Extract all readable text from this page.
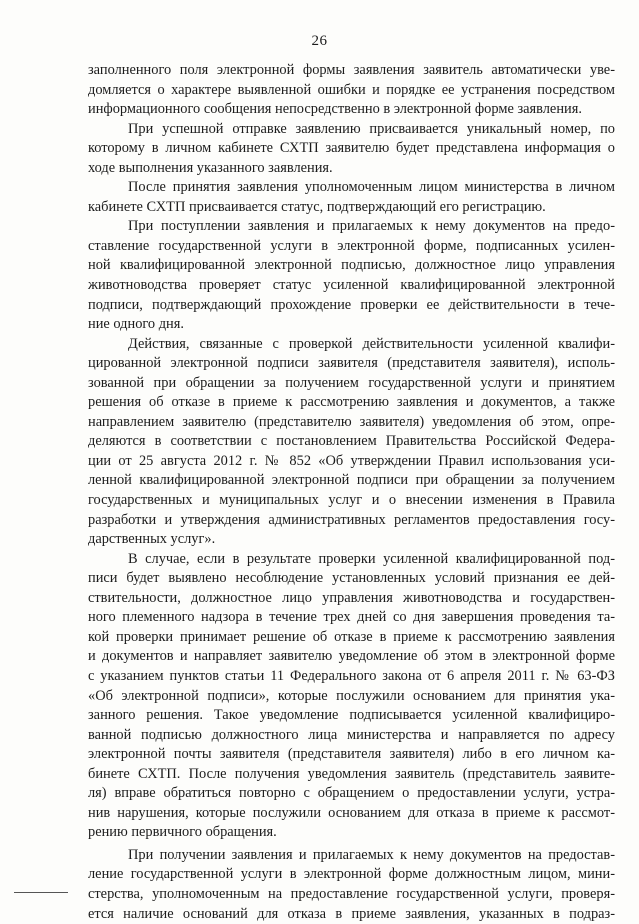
26
заполненного поля электронной формы заявления заявитель автоматически уве-
домляется о характере выявленной ошибки и порядке ее устранения посредством
информационного сообщения непосредственно в электронной форме заявления.
При успешной отправке заявлению присваивается уникальный номер, по
которому в личном кабинете СХТП заявителю будет представлена информация о
ходе выполнения указанного заявления.
После принятия заявления уполномоченным лицом министерства в личном
кабинете СХТП присваивается статус, подтверждающий его регистрацию.
При поступлении заявления и прилагаемых к нему документов на предо-
ставление государственной услуги в электронной форме, подписанных усилен-
ной квалифицированной электронной подписью, должностное лицо управления
животноводства проверяет статус усиленной квалифицированной электронной
подписи, подтверждающий прохождение проверки ее действительности в тече-
ние одного дня.
Действия, связанные с проверкой действительности усиленной квалифи-
цированной электронной подписи заявителя (представителя заявителя), исполь-
зованной при обращении за получением государственной услуги и принятием
решения об отказе в приеме к рассмотрению заявления и документов, а также
направлением заявителю (представителю заявителя) уведомления об этом, опре-
деляются в соответствии с постановлением Правительства Российской Федера-
ции от 25 августа 2012 г. № 852 «Об утверждении Правил использования уси-
ленной квалифицированной электронной подписи при обращении за получением
государственных и муниципальных услуг и о внесении изменения в Правила
разработки и утверждения административных регламентов предоставления госу-
дарственных услуг».
В случае, если в результате проверки усиленной квалифицированной под-
писи будет выявлено несоблюдение установленных условий признания ее дей-
ствительности, должностное лицо управления животноводства и государствен-
ного племенного надзора в течение трех дней со дня завершения проведения та-
кой проверки принимает решение об отказе в приеме к рассмотрению заявления
и документов и направляет заявителю уведомление об этом в электронной форме
с указанием пунктов статьи 11 Федерального закона от 6 апреля 2011 г. № 63-ФЗ
«Об электронной подписи», которые послужили основанием для принятия ука-
занного решения. Такое уведомление подписывается усиленной квалифициро-
ванной подписью должностного лица министерства и направляется по адресу
электронной почты заявителя (представителя заявителя) либо в его личном ка-
бинете СХТП. После получения уведомления заявитель (представитель заявите-
ля) вправе обратиться повторно с обращением о предоставлении услуги, устра-
нив нарушения, которые послужили основанием для отказа в приеме к рассмот-
рению первичного обращения.
При получении заявления и прилагаемых к нему документов на предостав-
ление государственной услуги в электронной форме должностным лицом, мини-
стерства, уполномоченным на предоставление государственной услуги, проверя-
ется наличие оснований для отказа в приеме заявления, указанных в подраз-
